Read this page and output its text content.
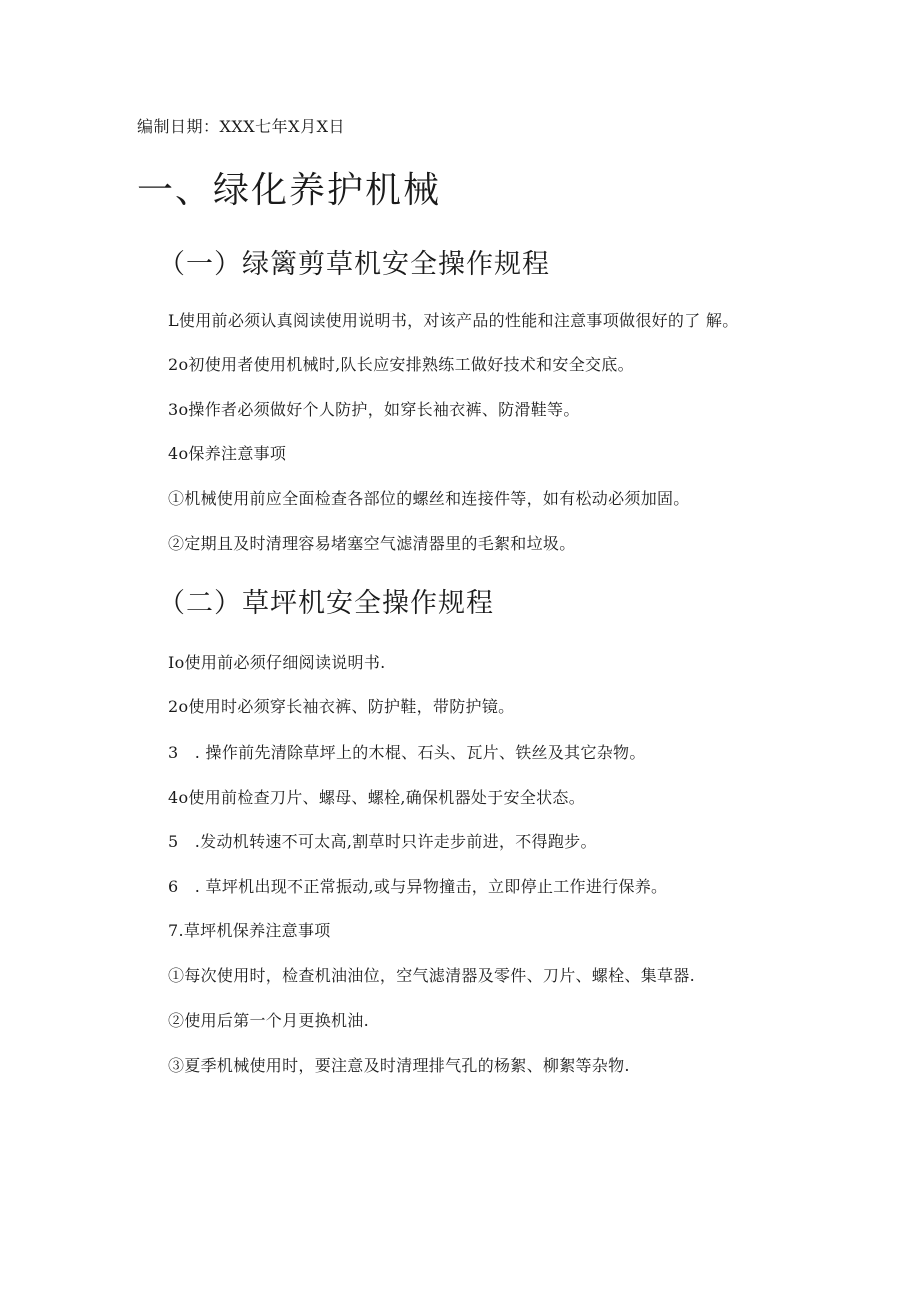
编制日期：XXX七年X月X日
一、绿化养护机械
（一）绿篱剪草机安全操作规程

L使用前必须认真阅读使用说明书，对该产品的性能和注意事项做很好的了 解。

2o初使用者使用机械时,队长应安排熟练工做好技术和安全交底。

3o操作者必须做好个人防护，如穿长袖衣裤、防滑鞋等。

4o保养注意事项

①机械使用前应全面检查各部位的螺丝和连接件等，如有松动必须加固。

②定期且及时清理容易堵塞空气滤清器里的毛絮和垃圾。

（二）草坪机安全操作规程

Io使用前必须仔细阅读说明书.

2o使用时必须穿长袖衣裤、防护鞋，带防护镜。

3　. 操作前先清除草坪上的木棍、石头、瓦片、铁丝及其它杂物。

4o使用前检查刀片、螺母、螺栓,确保机器处于安全状态。

5　.发动机转速不可太高,割草时只许走步前进，不得跑步。

6　. 草坪机出现不正常振动,或与异物撞击，立即停止工作进行保养。

7.草坪机保养注意事项

①每次使用时，检查机油油位，空气滤清器及零件、刀片、螺栓、集草器.

②使用后第一个月更换机油.

③夏季机械使用时，要注意及时清理排气孔的杨絮、柳絮等杂物.
